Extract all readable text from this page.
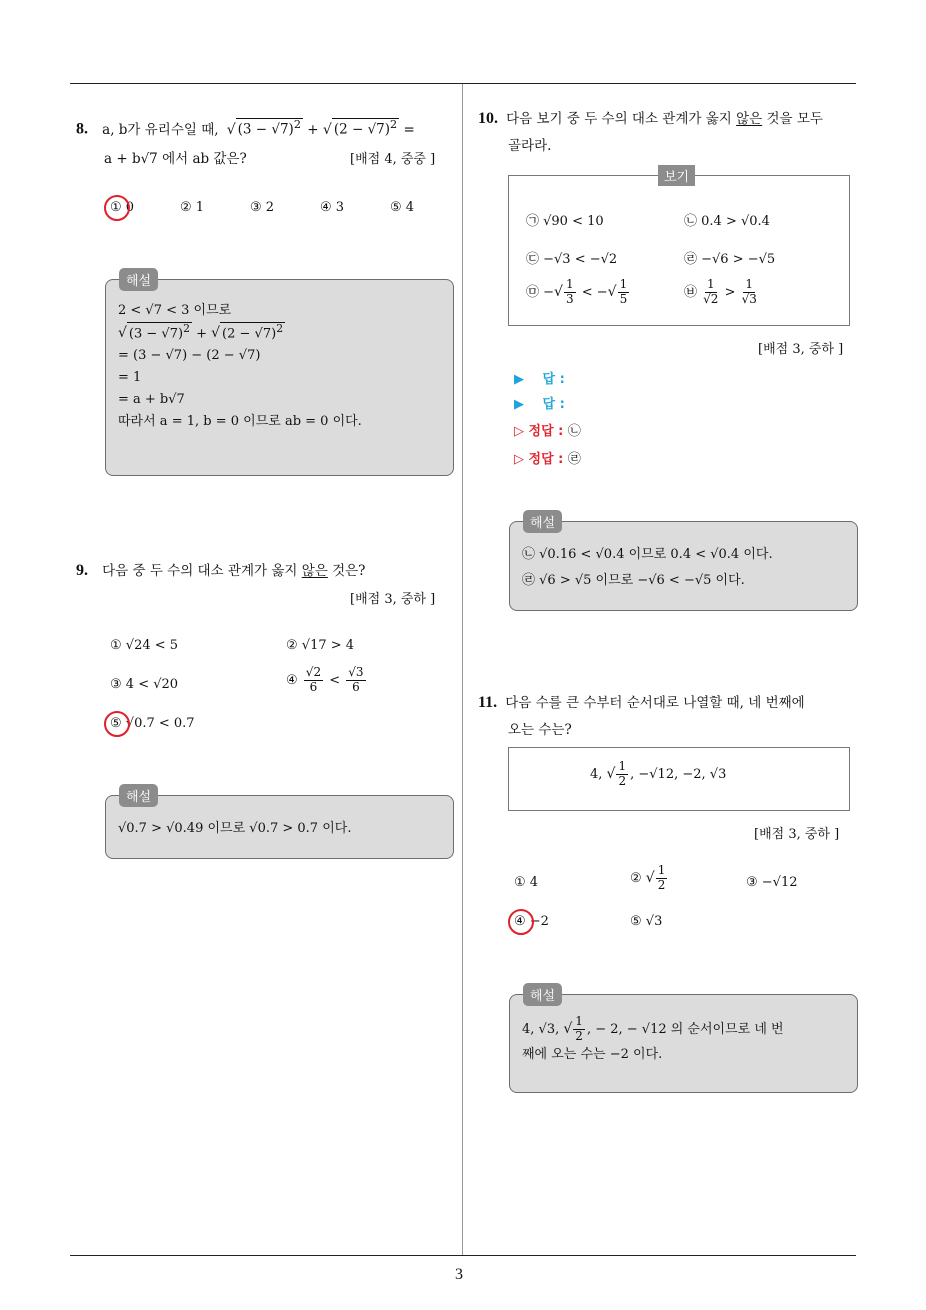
3
8. a, b가 유리수일 때, √ $(3 - √7)^2$ + √ $(2 - √7)^2$ =
a + b√7 에서 ab 값은?	[배점 4, 중중 ]
① 0	② 1	③ 2	④ 3	⑤ 4
해설
2 < √7 < 3 이므로
√ $(3 - √7)^2$ + √ $(2 - √7)^2$
= (3 − √7) − (2 − √7)
= 1
= a + b√7
따라서 a = 1, b = 0 이므로 ab = 0 이다.
9. 다음 중 두 수의 대소 관계가 옳지 않은 것은?
[배점 3, 중하 ]
① √24 < 5	② √17 > 4
③ 4 < √20	④ $\frac{√2}{6} < \frac{√3}{6}$
⑤ √0.7 < 0.7
해설
√0.7 > √0.49 이므로 √0.7 > 0.7 이다.
10. 다음 보기 중 두 수의 대소 관계가 옳지 않은 것을 모두
골라라.
보기
㉠ √90 < 10	㉡ 0.4 > √0.4
㉢ −√3 < −√2	㉣ −√6 > −√5
㉤ −√ $\frac{1}{3}$ < −√ $\frac{1}{5}$	㉥ $\frac{1}{√2} > \frac{1}{√3}$
[배점 3, 중하 ]
▶ 답 :
▶ 답 :
▷ 정답 : ㉡
▷ 정답 : ㉣
해설
㉡ √0.16 < √0.4 이므로 0.4 < √0.4 이다.
㉣ √6 > √5 이므로 −√6 < −√5 이다.
11. 다음 수를 큰 수부터 순서대로 나열할 때, 네 번째에
오는 수는?
4, √ $\frac{1}{2}$ , −√12, −2, √3
[배점 3, 중하 ]
① 4	② √ $\frac{1}{2}$	③ −√12
④ −2	⑤ √3
해설
4, √3, √ $\frac{1}{2}$ , − 2, − √12 의 순서이므로 네 번
째에 오는 수는 −2 이다.
